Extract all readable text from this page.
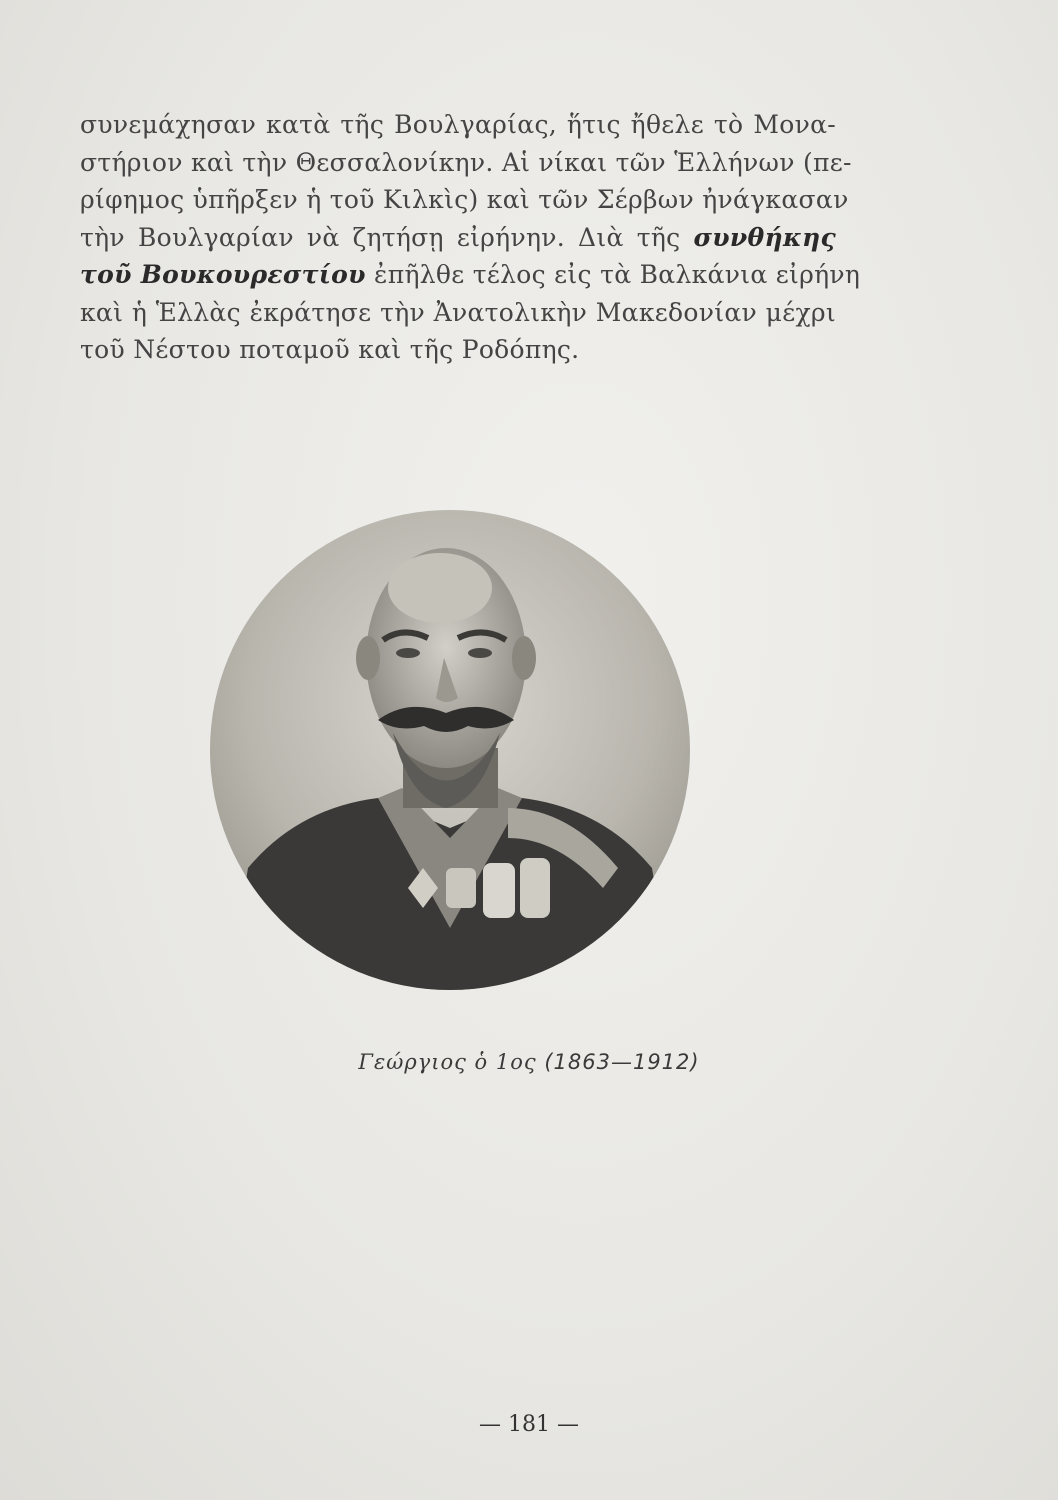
συνεμάχησαν κατὰ τῆς Βουλγαρίας, ἥτις ἤθελε τὸ Μονα-
στήριον καὶ τὴν Θεσσαλονίκην. Αἱ νίκαι τῶν Ἑλλήνων (πε-
ρίφημος ὑπῆρξεν ἡ τοῦ Κιλκὶς) καὶ τῶν Σέρβων ἠνάγκασαν
τὴν Βουλγαρίαν νὰ ζητήσῃ εἰρήνην. Διὰ τῆς συνθήκης
τοῦ Βουκουρεστίου ἐπῆλθε τέλος εἰς τὰ Βαλκάνια εἰρήνη
καὶ ἡ Ἑλλὰς ἐκράτησε τὴν Ἀνατολικὴν Μακεδονίαν μέχρι
τοῦ Νέστου ποταμοῦ καὶ τῆς Ροδόπης.
Γεώργιος ὁ 1ος (1863—1912)
— 181 —
